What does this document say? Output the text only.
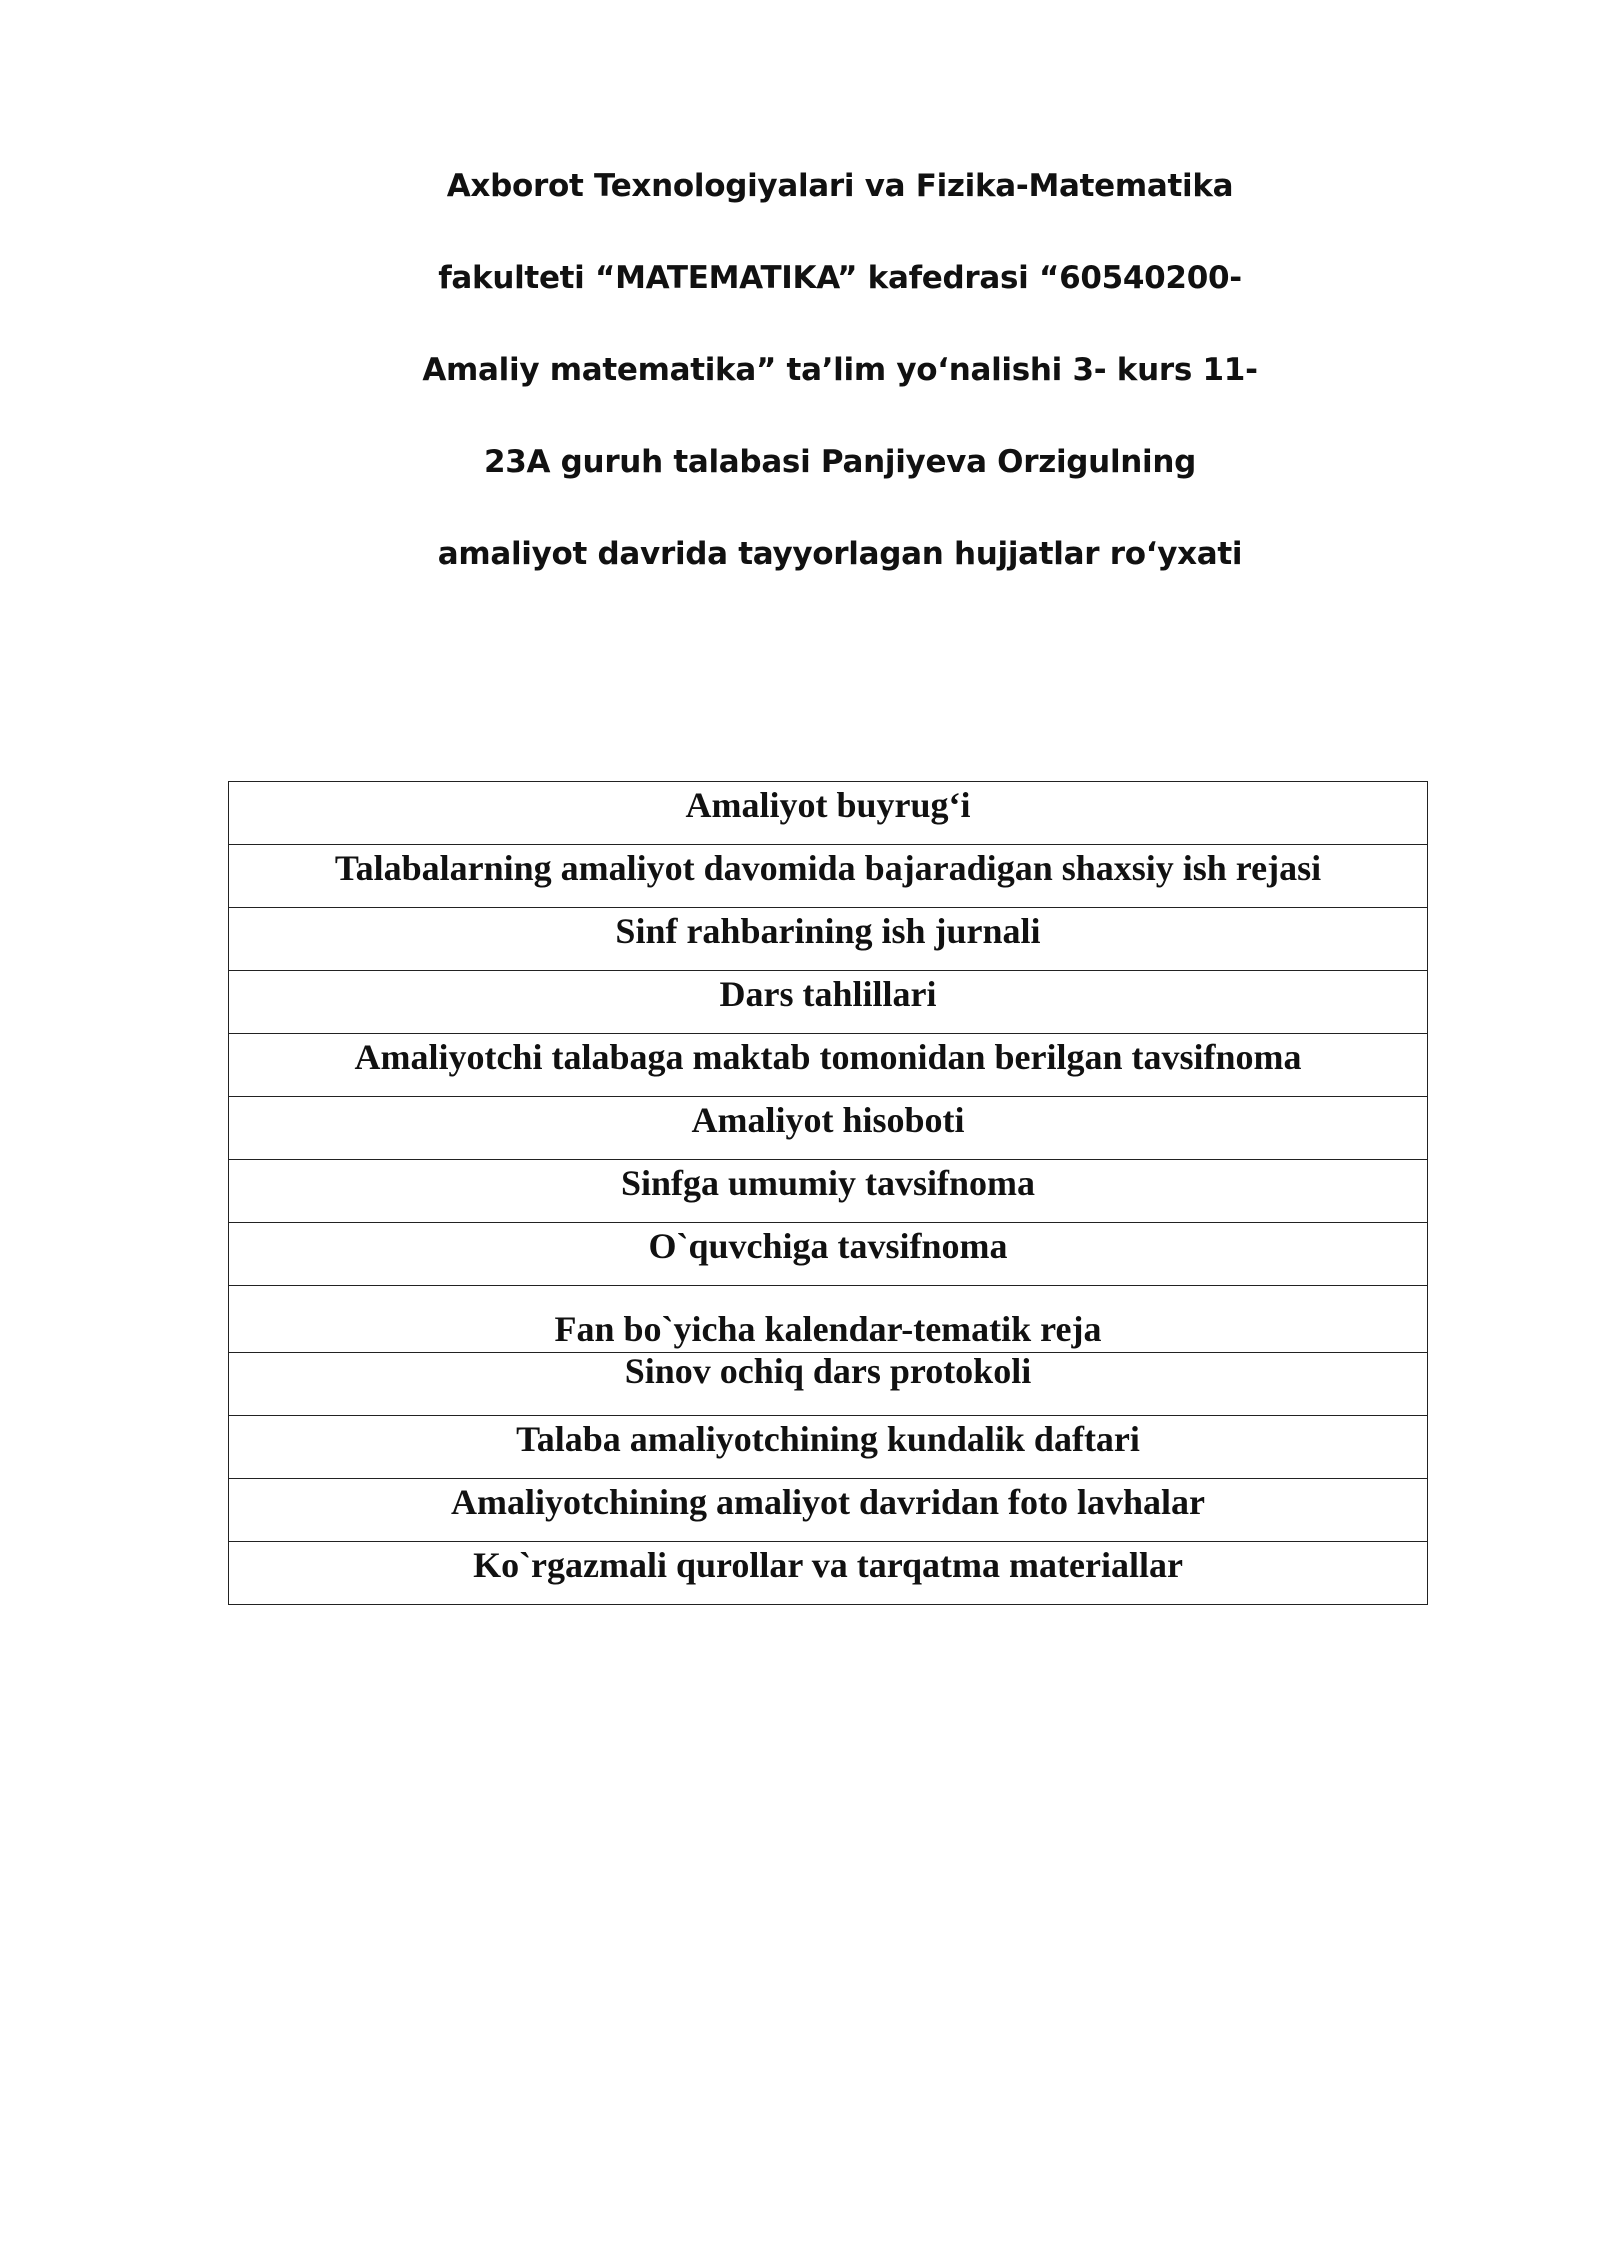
Axborot Texnologiyalari va Fizika-Matematika
fakulteti “MATEMATIKA” kafedrasi “60540200-
Amaliy matematika” ta’lim yoʻnalishi 3- kurs 11-
23A guruh talabasi Panjiyeva Orzigulning
amaliyot davrida tayyorlagan hujjatlar roʻyxati
Amaliyot buyrugʻi

Talabalarning amaliyot davomida bajaradigan shaxsiy ish rejasi

Sinf rahbarining ish jurnali

Dars tahlillari

Amaliyotchi talabaga maktab tomonidan berilgan tavsifnoma

Amaliyot hisoboti

Sinfga umumiy tavsifnoma

O`quvchiga tavsifnoma

Fan bo`yicha kalendar-tematik reja

Sinov ochiq dars protokoli

Talaba amaliyotchining kundalik daftari

Amaliyotchining amaliyot davridan foto lavhalar

Ko`rgazmali qurollar va tarqatma materiallar
